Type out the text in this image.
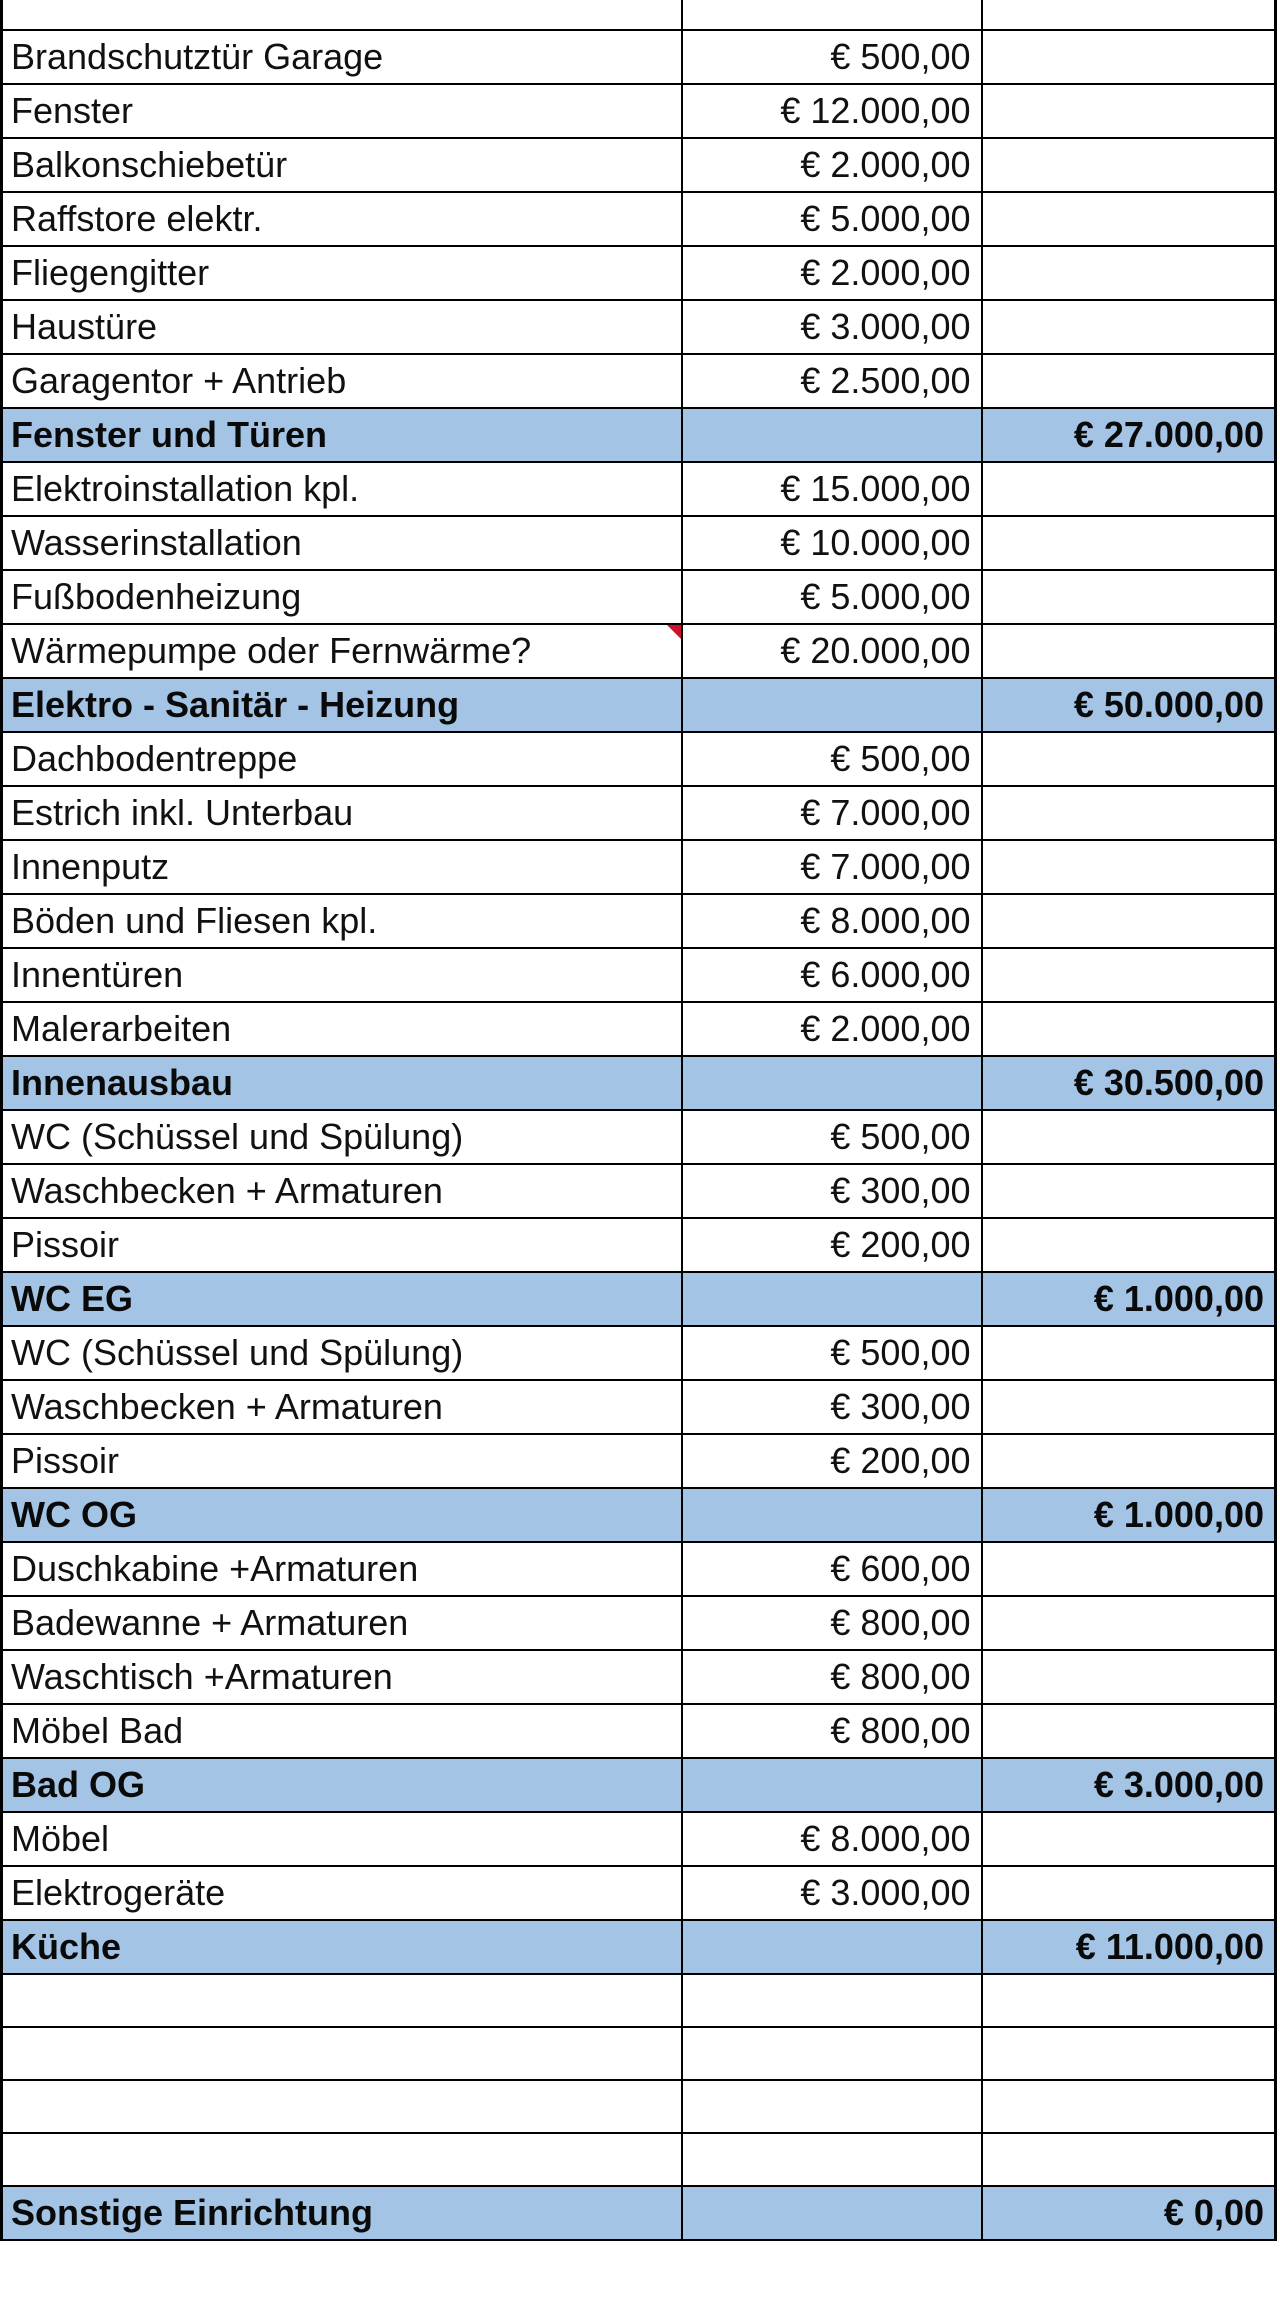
Brandschutztür Garage	€ 500,00	
Fenster	€ 12.000,00	
Balkonschiebetür	€ 2.000,00	
Raffstore elektr.	€ 5.000,00	
Fliegengitter	€ 2.000,00	
Haustüre	€ 3.000,00	
Garagentor + Antrieb	€ 2.500,00	
Fenster und Türen		€ 27.000,00
Elektroinstallation kpl.	€ 15.000,00	
Wasserinstallation	€ 10.000,00	
Fußbodenheizung	€ 5.000,00	
Wärmepumpe oder Fernwärme?	€ 20.000,00	
Elektro - Sanitär - Heizung		€ 50.000,00
Dachbodentreppe	€ 500,00	
Estrich inkl. Unterbau	€ 7.000,00	
Innenputz	€ 7.000,00	
Böden und Fliesen kpl.	€ 8.000,00	
Innentüren	€ 6.000,00	
Malerarbeiten	€ 2.000,00	
Innenausbau		€ 30.500,00
WC (Schüssel und Spülung)	€ 500,00	
Waschbecken + Armaturen	€ 300,00	
Pissoir	€ 200,00	
WC EG		€ 1.000,00
WC (Schüssel und Spülung)	€ 500,00	
Waschbecken + Armaturen	€ 300,00	
Pissoir	€ 200,00	
WC OG		€ 1.000,00
Duschkabine +Armaturen	€ 600,00	
Badewanne + Armaturen	€ 800,00	
Waschtisch +Armaturen	€ 800,00	
Möbel Bad	€ 800,00	
Bad OG		€ 3.000,00
Möbel	€ 8.000,00	
Elektrogeräte	€ 3.000,00	
Küche		€ 11.000,00

Sonstige Einrichtung		€ 0,00
